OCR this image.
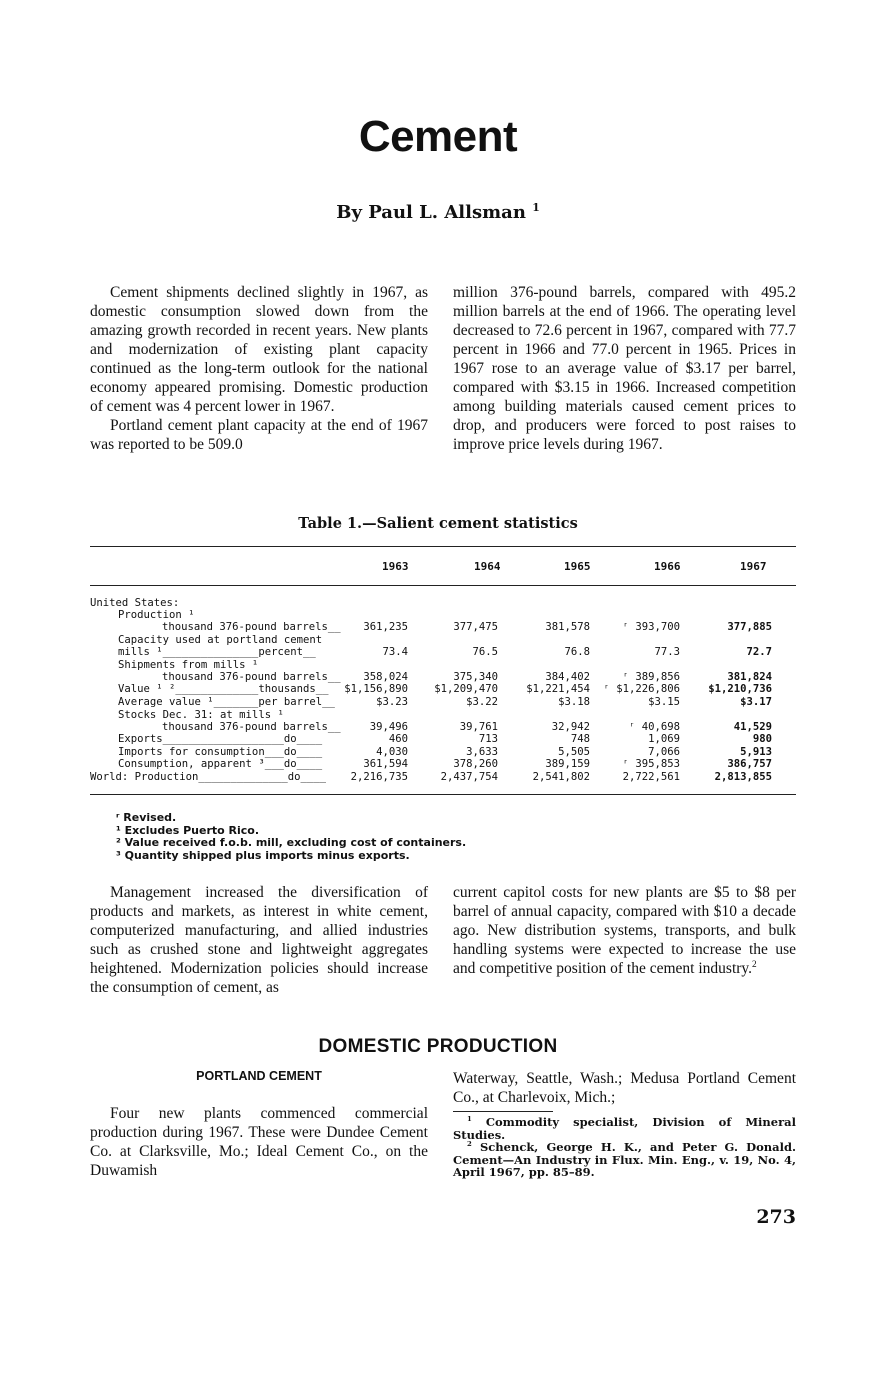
Cement
By Paul L. Allsman $^1$

Cement shipments declined slightly in 1967, as domestic consumption slowed down from the amazing growth recorded in recent years. New plants and modernization of existing plant capacity continued as the long-term outlook for the national economy appeared promising. Domestic production of cement was 4 percent lower in 1967.

Portland cement plant capacity at the end of 1967 was reported to be 509.0

million 376-pound barrels, compared with 495.2 million barrels at the end of 1966. The operating level decreased to 72.6 percent in 1967, compared with 77.7 percent in 1966 and 77.0 percent in 1965. Prices in 1967 rose to an average value of $3.17 per barrel, compared with $3.15 in 1966. Increased competition among building materials caused cement prices to drop, and producers were forced to post raises to improve price levels during 1967.

Table 1.—Salient cement statistics
1963	1964	1965	1966	1967
United States:
Production ¹
thousand 376-pound barrels__	361,235	377,475	381,578	ʳ 393,700	377,885
Capacity used at portland cement
mills ¹_______________percent__	73.4	76.5	76.8	77.3	72.7
Shipments from mills ¹
thousand 376-pound barrels__	358,024	375,340	384,402	ʳ 389,856	381,824
Value ¹ ²_____________thousands__	$1,156,890	$1,209,470	$1,221,454	ʳ $1,226,806	$1,210,736
Average value ¹_______per barrel__	$3.23	$3.22	$3.18	$3.15	$3.17
Stocks Dec. 31: at mills ¹
thousand 376-pound barrels__	39,496	39,761	32,942	ʳ 40,698	41,529
Exports___________________do____	460	713	748	1,069	980
Imports for consumption___do____	4,030	3,633	5,505	7,066	5,913
Consumption, apparent ³___do____	361,594	378,260	389,159	ʳ 395,853	386,757
World: Production______________do____	2,216,735	2,437,754	2,541,802	2,722,561	2,813,855
ʳ Revised.
¹ Excludes Puerto Rico.
² Value received f.o.b. mill, excluding cost of containers.
³ Quantity shipped plus imports minus exports.

Management increased the diversification of products and markets, as interest in white cement, computerized manufacturing, and allied industries such as crushed stone and lightweight aggregates heightened. Modernization policies should increase the consumption of cement, as

current capitol costs for new plants are $5 to $8 per barrel of annual capacity, compared with $10 a decade ago. New distribution systems, transports, and bulk handling systems were expected to increase the use and competitive position of the cement industry.$^2$

DOMESTIC PRODUCTION
PORTLAND CEMENT

Four new plants commenced commercial production during 1967. These were Dundee Cement Co. at Clarksville, Mo.; Ideal Cement Co., on the Duwamish

Waterway, Seattle, Wash.; Medusa Portland Cement Co., at Charlevoix, Mich.;

$^1$ Commodity specialist, Division of Mineral Studies.

$^2$ Schenck, George H. K., and Peter G. Donald. Cement—An Industry in Flux. Min. Eng., v. 19, No. 4, April 1967, pp. 85–89.

273
